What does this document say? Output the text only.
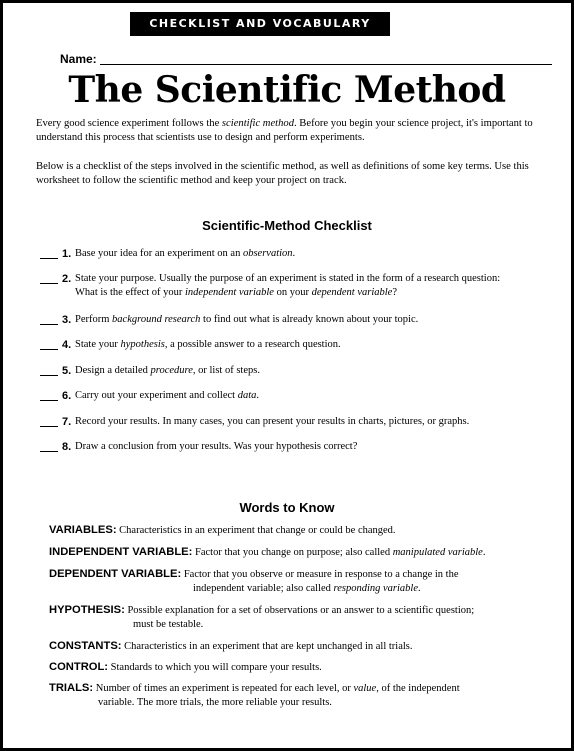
CHECKLIST AND VOCABULARY
Name:
The Scientific Method

Every good science experiment follows the scientific method. Before you begin your science project, it's important to understand this process that scientists use to design and perform experiments.

Below is a checklist of the steps involved in the scientific method, as well as definitions of some key terms. Use this worksheet to follow the scientific method and keep your project on track.

Scientific-Method Checklist
1. Base your idea for an experiment on an observation.
2. State your purpose. Usually the purpose of an experiment is stated in the form of a research question:
What is the effect of your independent variable on your dependent variable?
3. Perform background research to find out what is already known about your topic.
4. State your hypothesis, a possible answer to a research question.
5. Design a detailed procedure, or list of steps.
6. Carry out your experiment and collect data.
7. Record your results. In many cases, you can present your results in charts, pictures, or graphs.
8. Draw a conclusion from your results. Was your hypothesis correct?
Words to Know
VARIABLES: Characteristics in an experiment that change or could be changed.
INDEPENDENT VARIABLE: Factor that you change on purpose; also called manipulated variable.
DEPENDENT VARIABLE: Factor that you observe or measure in response to a change in the
independent variable; also called responding variable.
HYPOTHESIS: Possible explanation for a set of observations or an answer to a scientific question;
must be testable.
CONSTANTS: Characteristics in an experiment that are kept unchanged in all trials.
CONTROL: Standards to which you will compare your results.
TRIALS: Number of times an experiment is repeated for each level, or value, of the independent
variable. The more trials, the more reliable your results.
